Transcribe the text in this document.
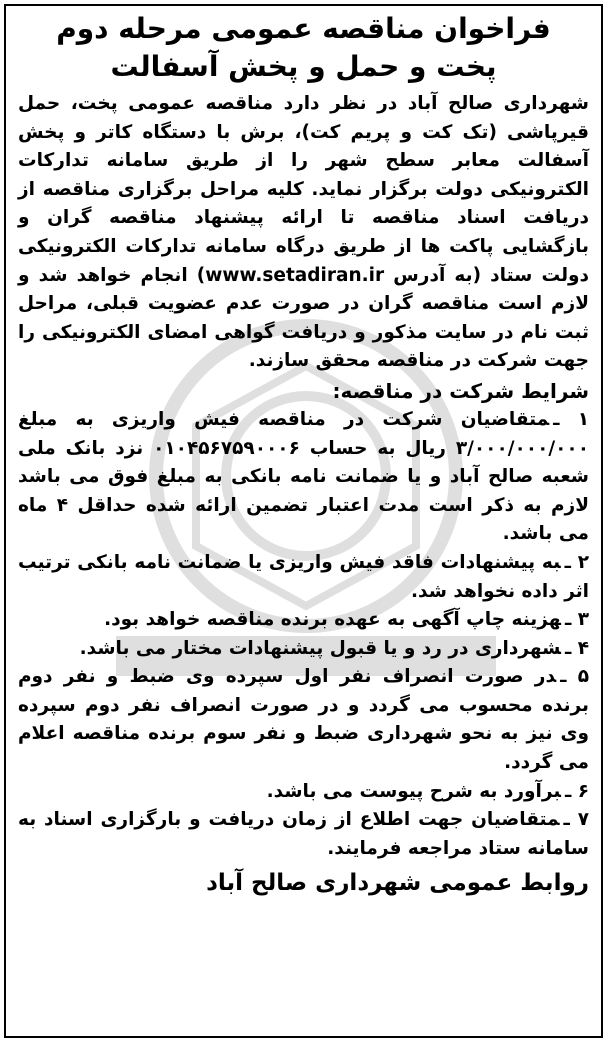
فراخوان مناقصه عمومی مرحله دوم
پخت و حمل و پخش آسفالت

شهرداری صالح آباد در نظر دارد مناقصه عمومی پخت، حمل قیرپاشی (تک کت و پریم کت)، برش با دستگاه کاتر و پخش آسفالت معابر سطح شهر را از طریق سامانه تدارکات الکترونیکی دولت برگزار نماید. کلیه مراحل برگزاری مناقصه از دریافت اسناد مناقصه تا ارائه پیشنهاد مناقصه گران و بازگشایی پاکت ها از طریق درگاه سامانه تدارکات الکترونیکی دولت ستاد (به آدرس www.setadiran.ir) انجام خواهد شد و لازم است مناقصه گران در صورت عدم عضویت قبلی، مراحل ثبت نام در سایت مذکور و دریافت گواهی امضای الکترونیکی را جهت شرکت در مناقصه محقق سازند.

شرایط شرکت در مناقصه:

۱ ـمتقاضیان شرکت در مناقصه فیش واریزی به مبلغ ۳/۰۰۰/۰۰۰/۰۰۰ ریال به حساب ۰۱۰۴۵۶۷۵۹۰۰۰۶ نزد بانک ملی شعبه صالح آباد و یا ضمانت نامه بانکی به مبلغ فوق می باشد لازم به ذکر است مدت اعتبار تضمین ارائه شده حداقل ۴ ماه می باشد.

۲ ـبه پیشنهادات فاقد فیش واریزی یا ضمانت نامه بانکی ترتیب اثر داده نخواهد شد.

۳ ـهزینه چاپ آگهی به عهده برنده مناقصه خواهد بود.

۴ ـشهرداری در رد و یا قبول پیشنهادات مختار می باشد.

۵ ـدر صورت انصراف نفر اول سپرده وی ضبط و نفر دوم برنده محسوب می گردد و در صورت انصراف نفر دوم سپرده وی نیز به نحو شهرداری ضبط و نفر سوم برنده مناقصه اعلام می گردد.

۶ ـبرآورد به شرح پیوست می باشد.

۷ ـمتقاضیان جهت اطلاع از زمان دریافت و بارگزاری اسناد به سامانه ستاد مراجعه فرمایند.

روابط عمومی شهرداری صالح آباد
